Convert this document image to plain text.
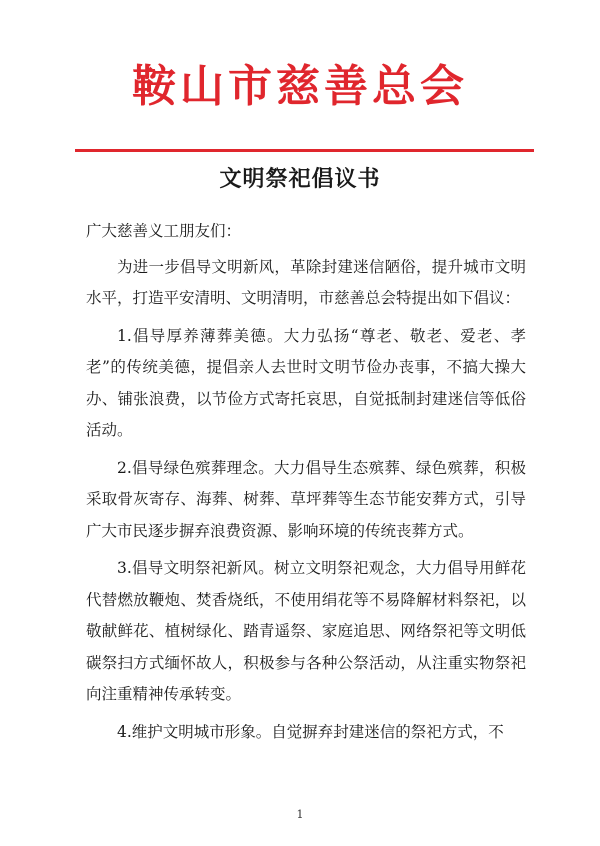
鞍山市慈善总会
文明祭祀倡议书

广大慈善义工朋友们：

为进一步倡导文明新风，革除封建迷信陋俗，提升城市文明水平，打造平安清明、文明清明，市慈善总会特提出如下倡议：

1.倡导厚养薄葬美德。大力弘扬“尊老、敬老、爱老、孝老”的传统美德，提倡亲人去世时文明节俭办丧事，不搞大操大办、铺张浪费，以节俭方式寄托哀思，自觉抵制封建迷信等低俗活动。

2.倡导绿色殡葬理念。大力倡导生态殡葬、绿色殡葬，积极采取骨灰寄存、海葬、树葬、草坪葬等生态节能安葬方式，引导广大市民逐步摒弃浪费资源、影响环境的传统丧葬方式。

3.倡导文明祭祀新风。树立文明祭祀观念，大力倡导用鲜花代替燃放鞭炮、焚香烧纸，不使用绢花等不易降解材料祭祀，以敬献鲜花、植树绿化、踏青遥祭、家庭追思、网络祭祀等文明低碳祭扫方式缅怀故人，积极参与各种公祭活动，从注重实物祭祀向注重精神传承转变。

4.维护文明城市形象。自觉摒弃封建迷信的祭祀方式，不

1
